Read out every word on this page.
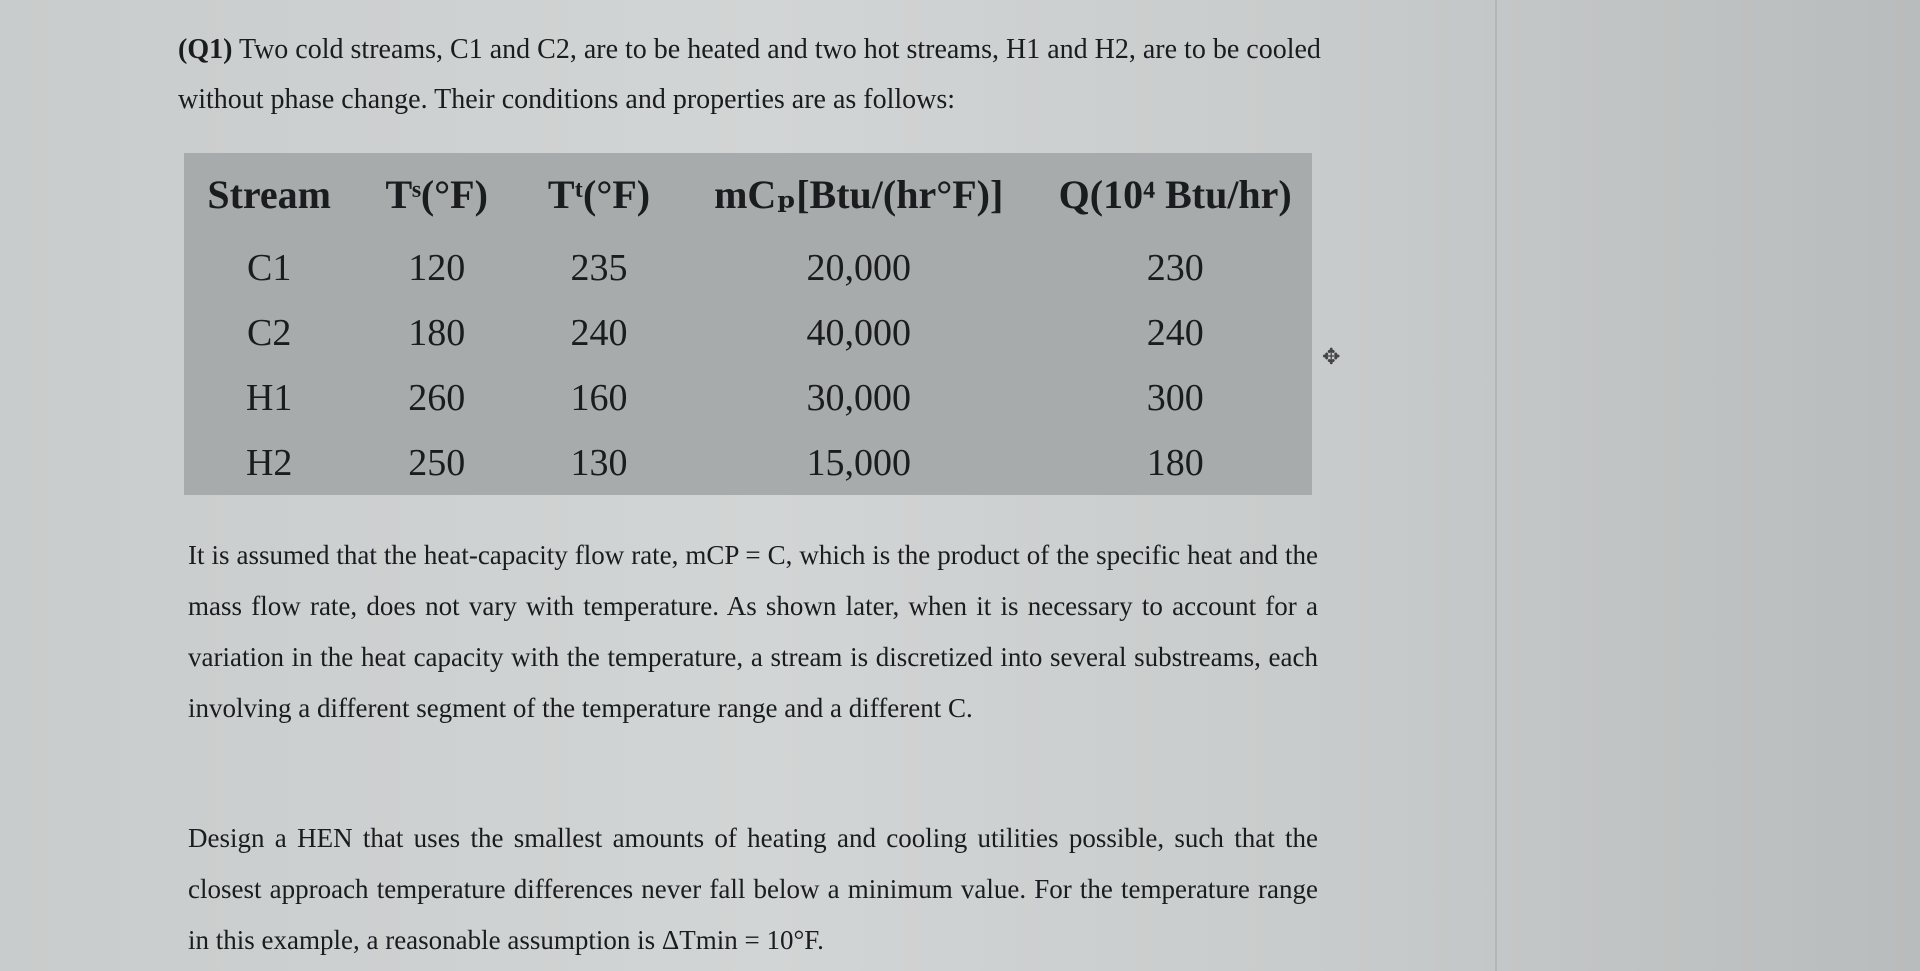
(Q1) Two cold streams, C1 and C2, are to be heated and two hot streams, H1 and H2, are to be cooled without phase change. Their conditions and properties are as follows:

Stream	Tˢ(°F)	Tᵗ(°F)	mCₚ[Btu/(hr°F)]	Q(10⁴ Btu/hr)
C1	120	235	20,000	230
C2	180	240	40,000	240
H1	260	160	30,000	300
H2	250	130	15,000	180
✥

It is assumed that the heat-capacity flow rate, mCP = C, which is the product of the specific heat and the mass flow rate, does not vary with temperature. As shown later, when it is necessary to account for a variation in the heat capacity with the temperature, a stream is discretized into several substreams, each involving a different segment of the temperature range and a different C.

Design a HEN that uses the smallest amounts of heating and cooling utilities possible, such that the closest approach temperature differences never fall below a minimum value. For the temperature range in this example, a reasonable assumption is ΔTmin = 10°F.
